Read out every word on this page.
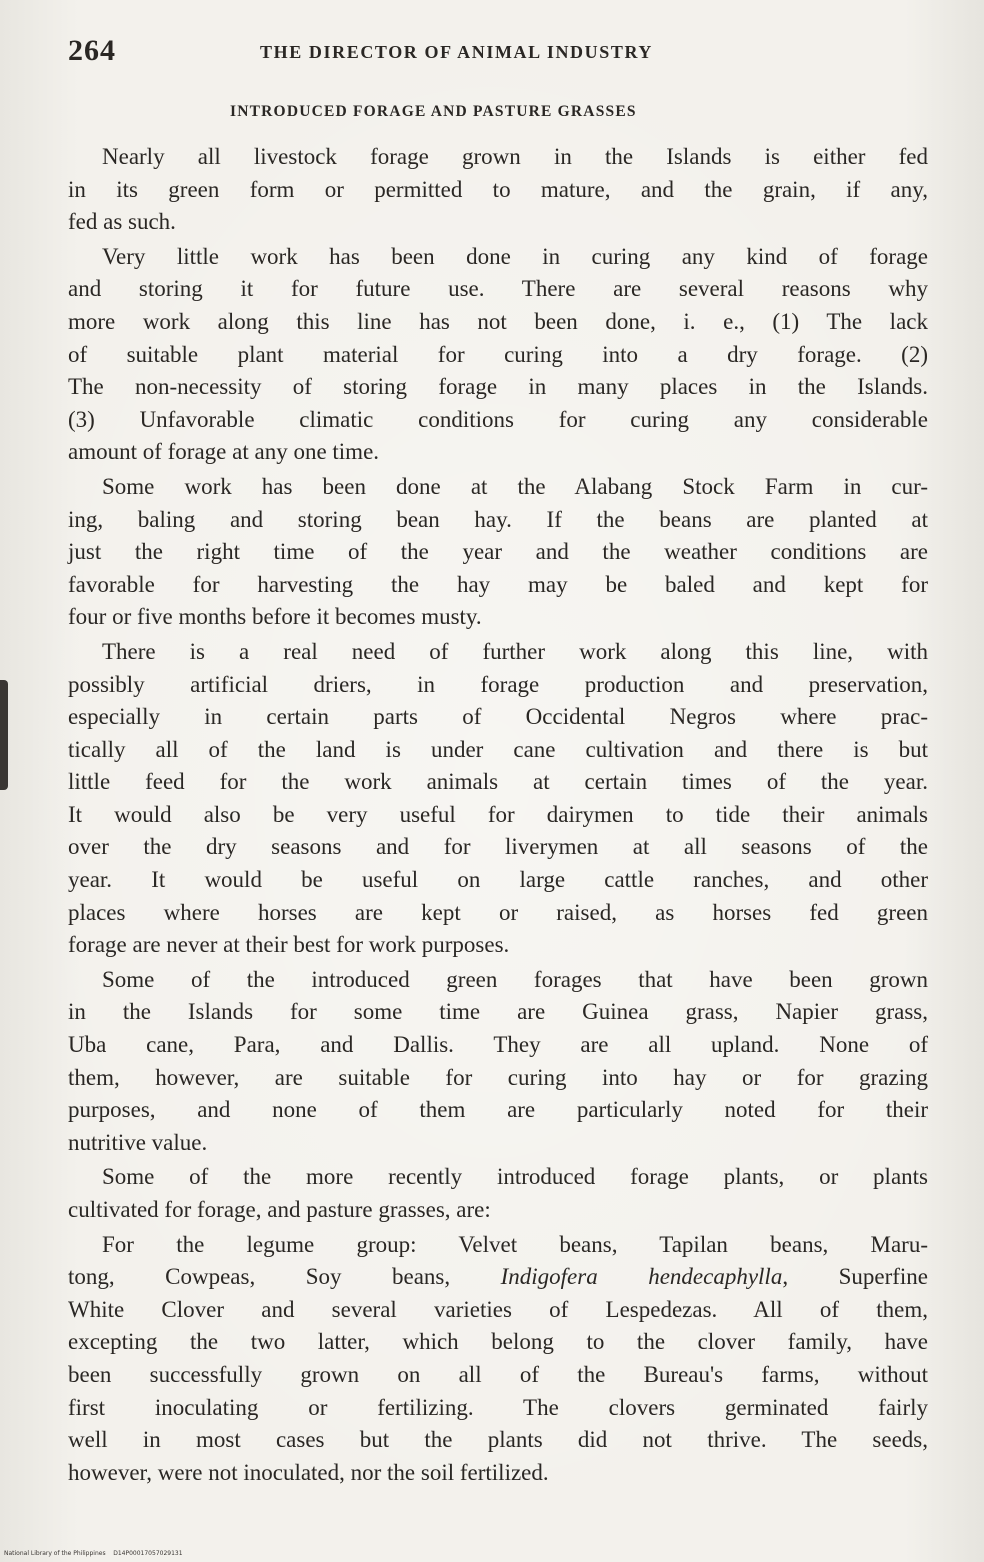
264	THE DIRECTOR OF ANIMAL INDUSTRY
INTRODUCED FORAGE AND PASTURE GRASSES
Nearly all livestock forage grown in the Islands is either fed
in its green form or permitted to mature, and the grain, if any,
fed as such.
Very little work has been done in curing any kind of forage
and storing it for future use. There are several reasons why
more work along this line has not been done, i. e., (1) The lack
of suitable plant material for curing into a dry forage. (2)
The non-necessity of storing forage in many places in the Islands.
(3) Unfavorable climatic conditions for curing any considerable
amount of forage at any one time.
Some work has been done at the Alabang Stock Farm in cur-
ing, baling and storing bean hay. If the beans are planted at
just the right time of the year and the weather conditions are
favorable for harvesting the hay may be baled and kept for
four or five months before it becomes musty.
There is a real need of further work along this line, with
possibly artificial driers, in forage production and preservation,
especially in certain parts of Occidental Negros where prac-
tically all of the land is under cane cultivation and there is but
little feed for the work animals at certain times of the year.
It would also be very useful for dairymen to tide their animals
over the dry seasons and for liverymen at all seasons of the
year. It would be useful on large cattle ranches, and other
places where horses are kept or raised, as horses fed green
forage are never at their best for work purposes.
Some of the introduced green forages that have been grown
in the Islands for some time are Guinea grass, Napier grass,
Uba cane, Para, and Dallis. They are all upland. None of
them, however, are suitable for curing into hay or for grazing
purposes, and none of them are particularly noted for their
nutritive value.
Some of the more recently introduced forage plants, or plants
cultivated for forage, and pasture grasses, are:
For the legume group: Velvet beans, Tapilan beans, Maru-
tong, Cowpeas, Soy beans, Indigofera hendecaphylla, Superfine
White Clover and several varieties of Lespedezas. All of them,
excepting the two latter, which belong to the clover family, have
been successfully grown on all of the Bureau's farms, without
first inoculating or fertilizing. The clovers germinated fairly
well in most cases but the plants did not thrive. The seeds,
however, were not inoculated, nor the soil fertilized.
National Library of the Philippines D14P00017057029131
